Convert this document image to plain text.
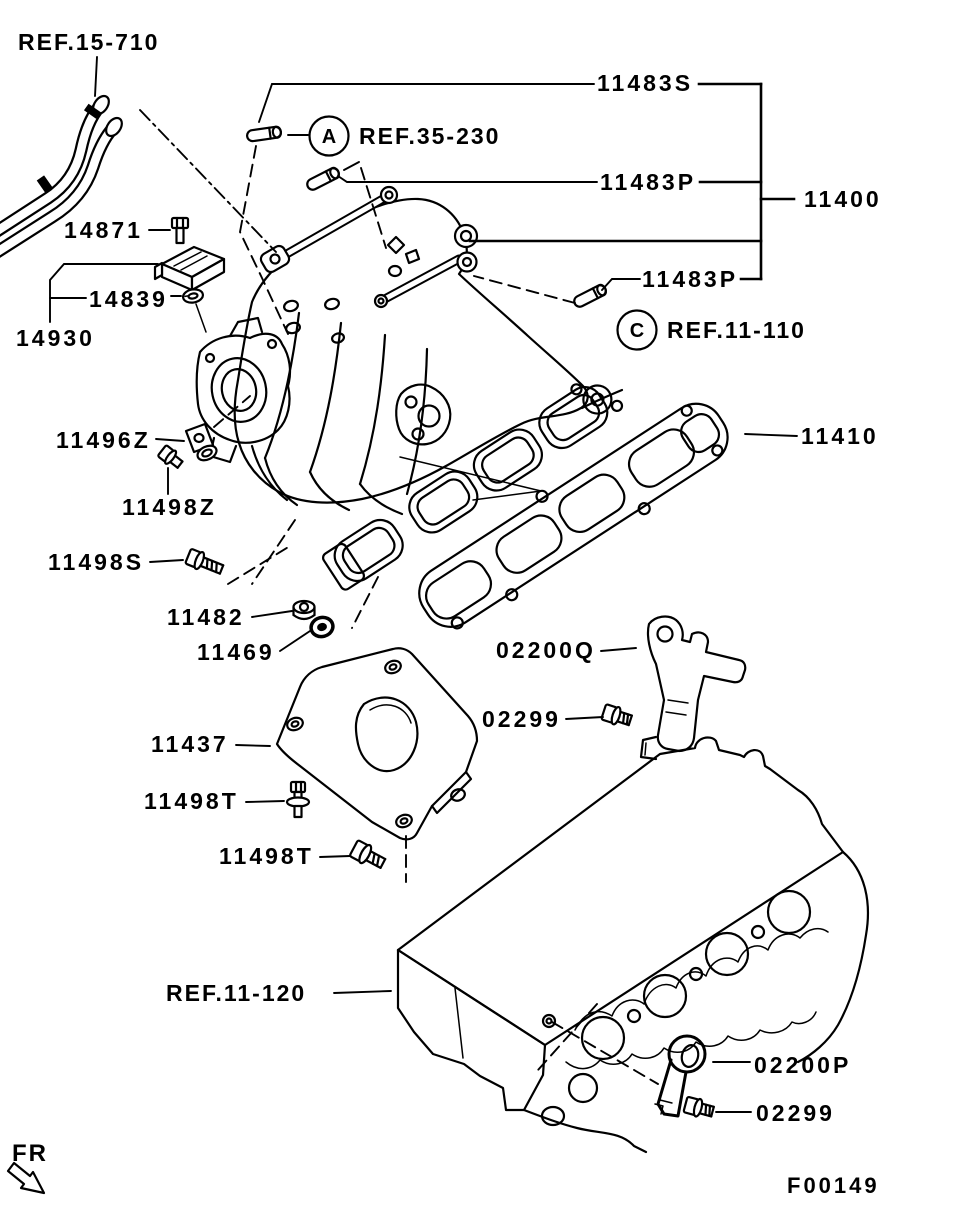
A
C
REF.15-710
11483S
REF.35-230
11483P
11400
14871
14839
14930
11483P
REF.11-110
11410
11496Z
11498Z
11498S
11482
11469	02200Q
02299
11437
11498T
11498T
REF.11-120
02200P
02299
FR
F00149
